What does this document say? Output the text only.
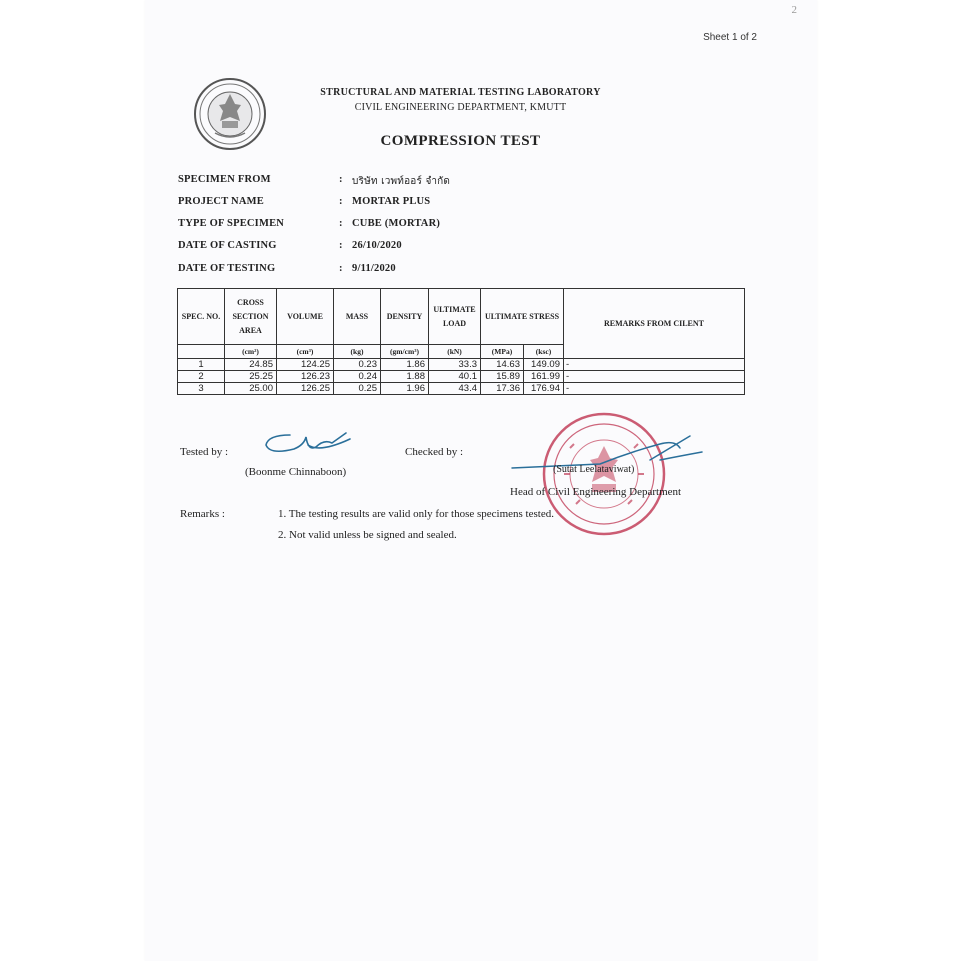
2
Sheet 1 of 2
STRUCTURAL AND MATERIAL TESTING LABORATORY
CIVIL ENGINEERING DEPARTMENT, KMUTT
COMPRESSION TEST
SPECIMEN FROM	: บริษัท เวพท์ออร์ จำกัด
PROJECT NAME	: MORTAR PLUS
TYPE OF SPECIMEN	: CUBE (MORTAR)
DATE OF CASTING	: 26/10/2020
DATE OF TESTING	: 9/11/2020
SPEC. NO.	CROSS SECTION AREA	VOLUME	MASS	DENSITY	ULTIMATE LOAD	ULTIMATE STRESS		REMARKS FROM CILENT
	(cm²)	(cm³)	(kg)	(gm/cm³)	(kN)	(MPa)	(ksc)	
1	24.85	124.25	0.23	1.86	33.3	14.63	149.09	-
2	25.25	126.23	0.24	1.88	40.1	15.89	161.99	-
3	25.00	126.25	0.25	1.96	43.4	17.36	176.94	-
Tested by :
(Boonme Chinnaboon)
Checked by :
(Sutat Leelataviwat)
Head of Civil Engineering Department
Remarks :	1. The testing results are valid only for those specimens tested.
2. Not valid unless be signed and sealed.
